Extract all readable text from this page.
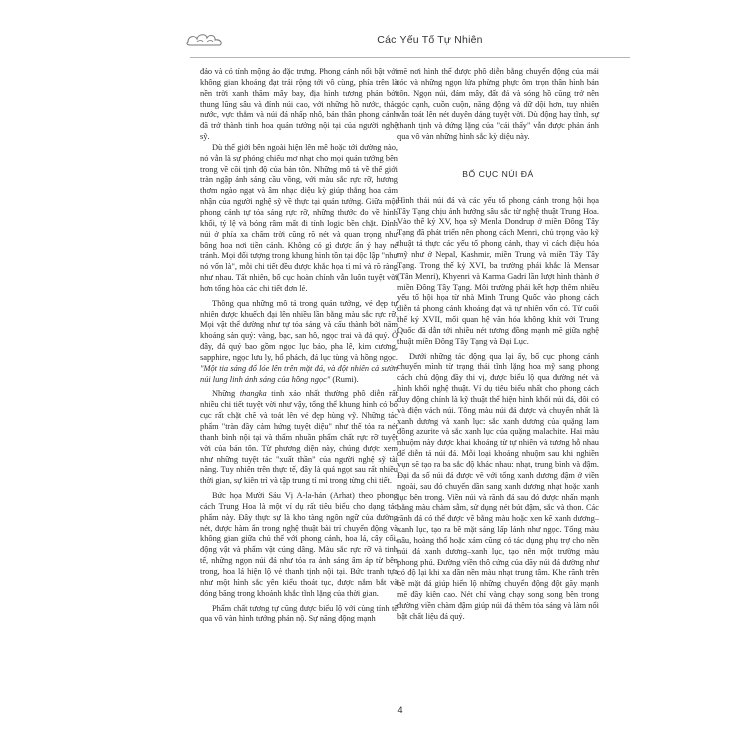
Các Yếu Tố Tự Nhiên

đảo và có tính mộng ảo đặc trưng. Phong cảnh nổi bật với không gian khoáng đạt trải rộng tới vô cùng, phía trên là nền trời xanh thăm mây bay, địa hình tương phản bởi thung lũng sâu và đỉnh núi cao, với những hồ nước, thác nước, vực thẳm và núi đá nhấp nhô, bản thân phong cảnh đã trở thành tinh hoa quán tưởng nội tại của người nghệ sỹ.

Dù thế giới bên ngoài hiện lên mê hoặc tới dường nào, nó vẫn là sự phóng chiếu mơ nhạt cho mọi quán tưởng bên trong về cõi tịnh độ của bản tôn. Những mô tả về thế giới tràn ngập ánh sáng cầu vồng, với màu sắc rực rỡ, hương thơm ngào ngạt và âm nhạc diệu kỳ giúp thắng hoa cảm nhận của người nghệ sỹ về thực tại quán tưởng. Giữa một phong cảnh tự tỏa sáng rực rỡ, những thước đo về hình khối, tỷ lệ và bóng râm mất đi tính logic bền chặt. Đỉnh núi ở phía xa chấm trời cũng rõ nét và quan trọng như bông hoa nơi tiền cảnh. Không có gì được ẩn ý hay né tránh. Mọi đối tượng trong khung hình tồn tại độc lập "như nó vốn là", mỗi chi tiết đều được khắc họa tỉ mỉ và rõ ràng như nhau. Tất nhiên, bố cục hoàn chỉnh vẫn luôn tuyệt vời hơn tổng hòa các chi tiết đơn lẻ.

Thông qua những mô tả trong quán tưởng, vẻ đẹp tự nhiên được khuếch đại lên nhiều lần bằng màu sắc rực rỡ. Mọi vật thể dường như tự tỏa sáng và cấu thành bởi năm khoáng sản quý: vàng, bạc, san hô, ngọc trai và đá quý. Ở đây, đá quý bao gồm ngọc lục bảo, pha lê, kim cương, sapphire, ngọc lưu ly, hổ phách, đá lục tùng và hồng ngọc. "Một tia sáng đổ lóe lên trên mặt đá, và đột nhiên cả sườn núi lung linh ánh sáng của hồng ngọc" (Rumi).

Những thangka tinh xảo nhất thường phô diễn rất nhiều chi tiết tuyệt vời như vậy, tổng thể khung hình có bố cục rất chặt chẽ và toát lên vẻ đẹp hùng vỹ. Những tác phẩm "tràn đầy cảm hứng tuyệt diệu" như thế tỏa ra nét thanh bình nội tại và thẩm nhuần phẩm chất rực rỡ tuyệt vời của bản tôn. Từ phương diện này, chúng được xem như những tuyệt tác "xuất thần" của người nghệ sỹ tài năng. Tuy nhiên trên thực tế, đây là quá ngọt sau rất nhiều thời gian, sự kiên trì và tập trung tỉ mỉ trong từng chi tiết.

Bức họa Mười Sáu Vị A-la-hán (Arhat) theo phong cách Trung Hoa là một ví dụ rất tiêu biểu cho dạng tác phẩm này. Đây thực sự là kho tàng ngôn ngữ của đường nét, được hàm ẩn trong nghệ thuật bài trí chuyển động và không gian giữa chủ thể với phong cảnh, hoa lá, cây cối, động vật và phẩm vật cúng dâng. Màu sắc rực rỡ và tinh tế, những ngọn núi đá như tỏa ra ánh sáng âm áp từ bên trong, hoa lá hiện lộ vẻ thanh tịnh nội tại. Bức tranh tựa như một hình sắc yên kiểu thoát tục, được nắm bắt và đóng băng trong khoảnh khắc tĩnh lặng của thời gian.

Phẩm chất tương tự cũng được biểu lộ với cùng tính tế qua vô vàn hình tướng phản nộ. Sự năng động mạnh

mẽ nơi hình thể được phô diễn bằng chuyển động của mái tóc và những ngọn lửa phừng phực ôm trọn thân hình bản tôn. Ngọn núi, đám mây, đất đá và sóng hồ cũng trở nên góc cạnh, cuồn cuộn, năng động và dữ dội hơn, tuy nhiên vẫn toát lên nét duyên dáng tuyệt vời. Dù động hay tĩnh, sự thanh tịnh và đứng lặng của "cái thấy" vẫn được phản ánh qua vô vàn những hình sắc kỳ diệu này.

BỐ CỤC NÚI ĐÁ

Hình thái núi đá và các yếu tố phong cảnh trong hội họa Tây Tạng chịu ảnh hưởng sâu sắc từ nghệ thuật Trung Hoa. Vào thế kỷ XV, họa sỹ Menla Dondrup ở miền Đông Tây Tạng đã phát triển nên phong cách Menri, chủ trọng vào kỹ thuật tả thực các yếu tố phong cảnh, thay vì cách điệu hóa mỹ như ở Nepal, Kashmir, miền Trung và miền Tây Tây Tạng. Trong thế kỷ XVI, ba trường phái khắc là Mensar (Tân Menri), Khyenri và Karma Gadri lần lượt hình thành ở miền Đông Tây Tạng. Môi trường phái kết hợp thêm nhiều yếu tố hội họa từ nhà Minh Trung Quốc vào phong cách diễn tả phong cảnh khoáng đạt và tự nhiên vốn có. Từ cuối thế kỷ XVII, mối quan hệ văn hóa không khít với Trung Quốc đã dẫn tới nhiều nét tương đồng mạnh mẽ giữa nghệ thuật miền Đông Tây Tạng và Đại Lục.

Dưới những tác động qua lại ấy, bố cục phong cảnh chuyển mình từ trạng thái tĩnh lặng hoa mỹ sang phong cách chủ động đầy thi vị, được biểu lộ qua đường nét và hình khối nghệ thuật. Ví dụ tiêu biểu nhất cho phong cách duy động chính là kỹ thuật thể hiện hình khối núi đá, đôi có và điện vách núi. Tông màu núi đá được và chuyển nhất là xanh dương và xanh lục: sắc xanh dương của quặng lam đồng azurite và sắc xanh lục của quặng malachite. Hai màu nhuộm này được khai khoáng từ tự nhiên và tương hỗ nhau để diễn tả núi đá. Mỗi loại khoáng nhuộm sau khi nghiền vụn sẽ tạo ra ba sắc độ khác nhau: nhạt, trung bình và đậm. Đại đa số núi đá được vẽ với tổng xanh dương đậm ở viền ngoài, sau đó chuyển dần sang xanh dương nhạt hoặc xanh lục bên trong. Viền núi và rãnh đá sau đó được nhấn mạnh bằng màu chàm sẫm, sử dụng nét bút đậm, sắc và thon. Các rãnh đá có thể được vẽ bằng màu hoặc xen kẽ xanh dương–xanh lục, tạo ra bề mặt sáng lấp lánh như ngọc. Tổng màu nâu, hoàng thổ hoặc xám cũng có tác dụng phụ trợ cho nền núi đá xanh dương–xanh lục, tạo nên một trường màu phong phú. Đường viền thô cứng của dãy núi đá đường như có độ lại khi xa dần nền màu nhạt trung tâm. Khe rãnh trên bề mặt đá giúp hiển lộ những chuyển động đột gãy mạnh mẽ đầy kiên cao. Nét chỉ vàng chạy song song bên trong đường viền chàm đậm giúp núi đá thêm tỏa sáng và làm nổi bật chất liệu đá quý.

4
